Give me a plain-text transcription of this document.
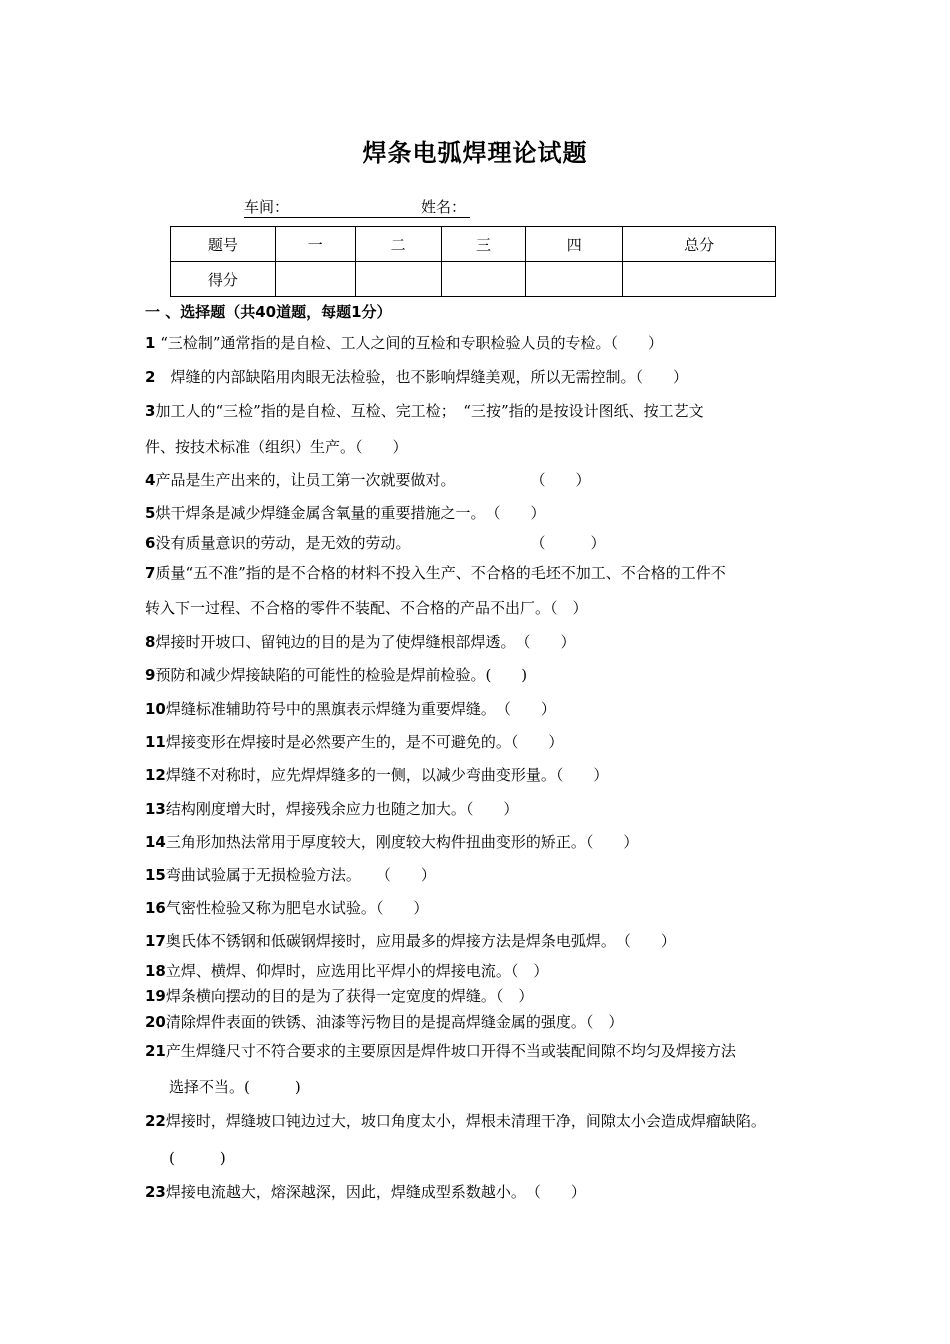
焊条电弧焊理论试题
车间：	姓名：
题号	一	二	三	四	总分
得分					
一 、选择题（共40道题，每题1分）
1 “三检制”通常指的是自检、工人之间的互检和专职检验人员的专检。（　　）
2　 焊缝的内部缺陷用肉眼无法检验，也不影响焊缝美观，所以无需控制。（　　）
3加工人的“三检”指的是自检、互检、完工检；　“三按”指的是按设计图纸、按工艺文
件、按技术标准（组织）生产。（　　）
4产品是生产出来的，让员工第一次就要做对。　　　　　　（　　）
5烘干焊条是减少焊缝金属含氧量的重要措施之一。　（　　）
6没有质量意识的劳动，是无效的劳动。　　　　　　　　　（　　　）
7质量“五不准”指的是不合格的材料不投入生产、不合格的毛坯不加工、不合格的工件不
转入下一过程、不合格的零件不装配、不合格的产品不出厂。（　）
8焊接时开坡口、留钝边的目的是为了使焊缝根部焊透。　（　　）
9预防和减少焊接缺陷的可能性的检验是焊前检验。(　　)
10焊缝标准辅助符号中的黑旗表示焊缝为重要焊缝。　（　　）
11焊接变形在焊接时是必然要产生的，是不可避免的。（　　）
12焊缝不对称时，应先焊焊缝多的一侧，以减少弯曲变形量。（　　）
13结构刚度增大时，焊接残余应力也随之加大。（　　）
14三角形加热法常用于厚度较大，刚度较大构件扭曲变形的矫正。（　　）
15弯曲试验属于无损检验方法。　　（　　）
16气密性检验又称为肥皂水试验。（　　）
17奥氏体不锈钢和低碳钢焊接时，应用最多的焊接方法是焊条电弧焊。　（　　）
18立焊、横焊、仰焊时，应选用比平焊小的焊接电流。（　）
19焊条横向摆动的目的是为了获得一定宽度的焊缝。（　）
20清除焊件表面的铁锈、油漆等污物目的是提高焊缝金属的强度。（　）
21产生焊缝尺寸不符合要求的主要原因是焊件坡口开得不当或装配间隙不均匀及焊接方法
选择不当。(　　　)
22焊接时，焊缝坡口钝边过大，坡口角度太小，焊根未清理干净，间隙太小会造成焊瘤缺陷。
(　　　)
23焊接电流越大，熔深越深，因此，焊缝成型系数越小。　（　　）
